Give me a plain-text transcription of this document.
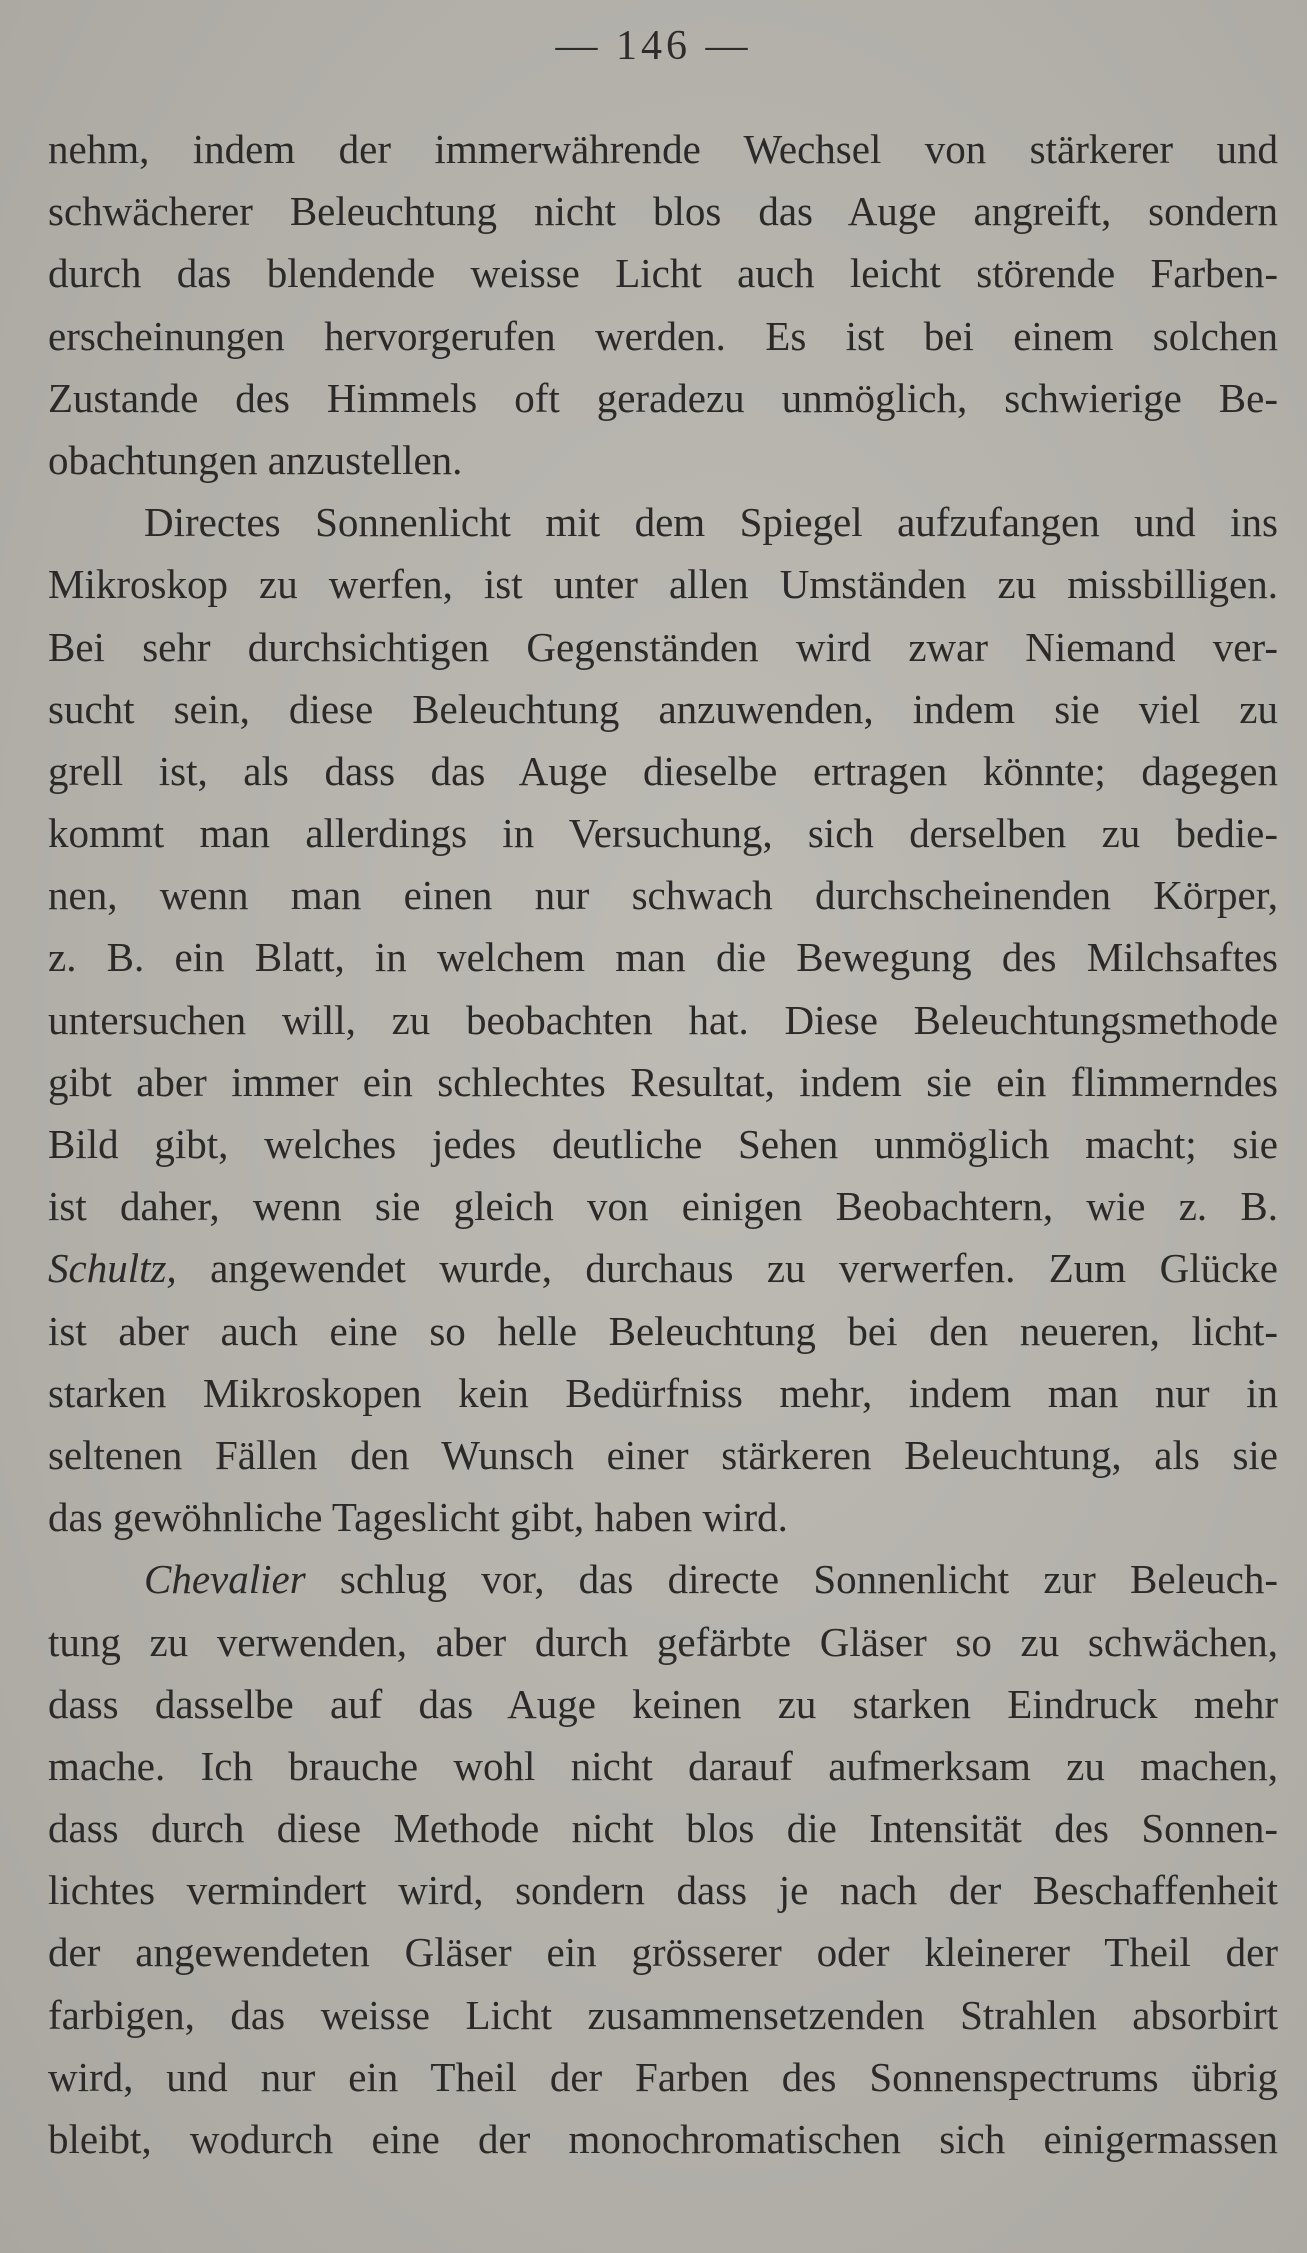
— 146 —
nehm, indem der immerwährende Wechsel von stärkerer und
schwächerer Beleuchtung nicht blos das Auge angreift, sondern
durch das blendende weisse Licht auch leicht störende Farben-
erscheinungen hervorgerufen werden. Es ist bei einem solchen
Zustande des Himmels oft geradezu unmöglich, schwierige Be-
obachtungen anzustellen.
Directes Sonnenlicht mit dem Spiegel aufzufangen und ins
Mikroskop zu werfen, ist unter allen Umständen zu missbilligen.
Bei sehr durchsichtigen Gegenständen wird zwar Niemand ver-
sucht sein, diese Beleuchtung anzuwenden, indem sie viel zu
grell ist, als dass das Auge dieselbe ertragen könnte; dagegen
kommt man allerdings in Versuchung, sich derselben zu bedie-
nen, wenn man einen nur schwach durchscheinenden Körper,
z. B. ein Blatt, in welchem man die Bewegung des Milchsaftes
untersuchen will, zu beobachten hat. Diese Beleuchtungsmethode
gibt aber immer ein schlechtes Resultat, indem sie ein flimmerndes
Bild gibt, welches jedes deutliche Sehen unmöglich macht; sie
ist daher, wenn sie gleich von einigen Beobachtern, wie z. B.
Schultz, angewendet wurde, durchaus zu verwerfen. Zum Glücke
ist aber auch eine so helle Beleuchtung bei den neueren, licht-
starken Mikroskopen kein Bedürfniss mehr, indem man nur in
seltenen Fällen den Wunsch einer stärkeren Beleuchtung, als sie
das gewöhnliche Tageslicht gibt, haben wird.
Chevalier schlug vor, das directe Sonnenlicht zur Beleuch-
tung zu verwenden, aber durch gefärbte Gläser so zu schwächen,
dass dasselbe auf das Auge keinen zu starken Eindruck mehr
mache. Ich brauche wohl nicht darauf aufmerksam zu machen,
dass durch diese Methode nicht blos die Intensität des Sonnen-
lichtes vermindert wird, sondern dass je nach der Beschaffenheit
der angewendeten Gläser ein grösserer oder kleinerer Theil der
farbigen, das weisse Licht zusammensetzenden Strahlen absorbirt
wird, und nur ein Theil der Farben des Sonnenspectrums übrig
bleibt, wodurch eine der monochromatischen sich einigermassen
